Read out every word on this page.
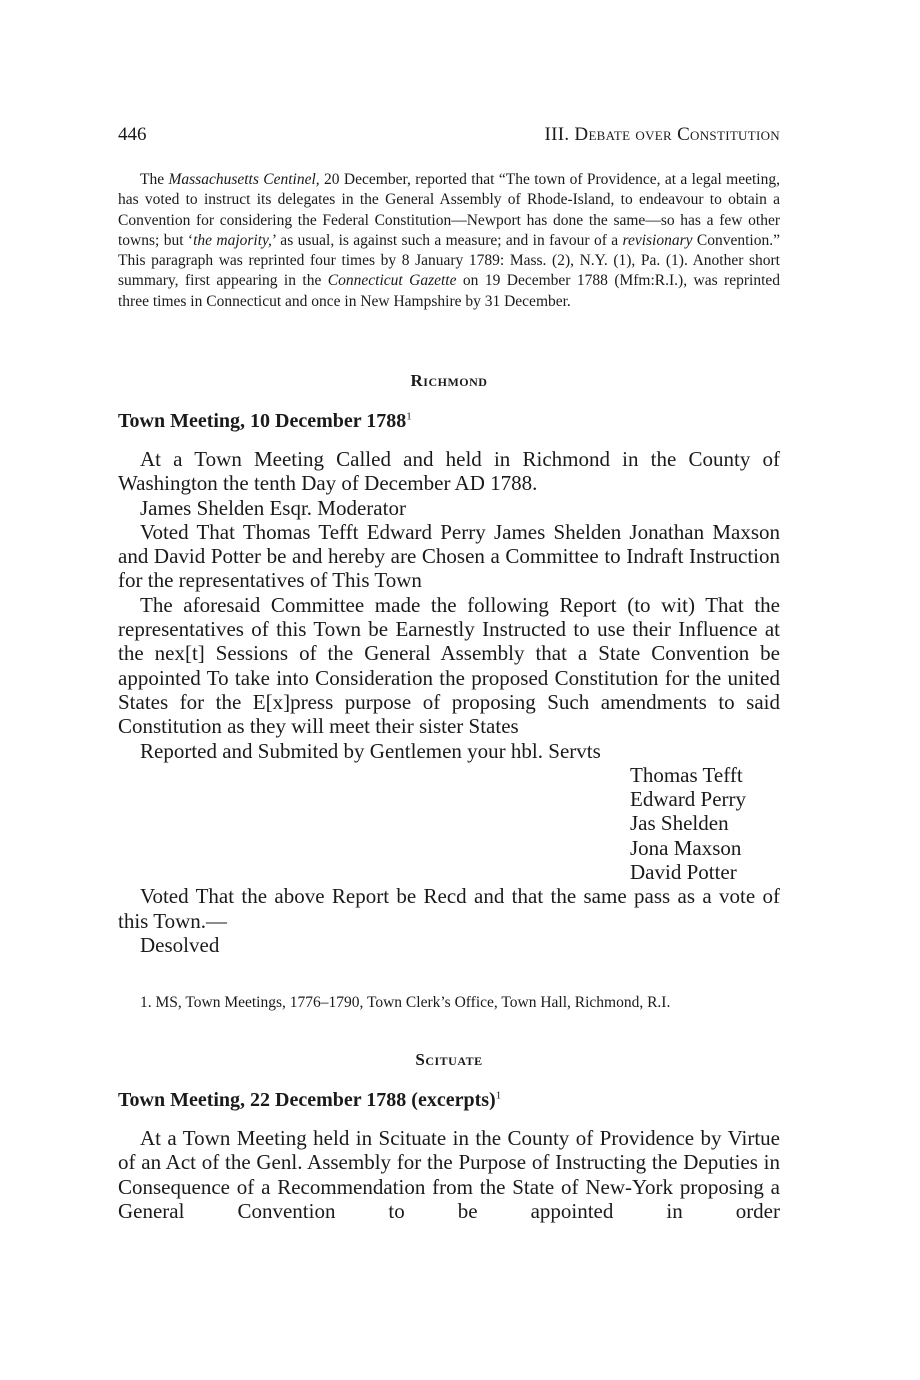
446	III. Debate over Constitution

The Massachusetts Centinel, 20 December, reported that “The town of Providence, at a legal meeting, has voted to instruct its delegates in the General Assembly of Rhode-Island, to endeavour to obtain a Convention for considering the Federal Constitution—Newport has done the same—so has a few other towns; but ‘the majority,’ as usual, is against such a measure; and in favour of a revisionary Convention.” This paragraph was reprinted four times by 8 January 1789: Mass. (2), N.Y. (1), Pa. (1). Another short summary, first appearing in the Connecticut Gazette on 19 December 1788 (Mfm:R.I.), was reprinted three times in Connecticut and once in New Hampshire by 31 December.

Richmond
Town Meeting, 10 December 1788$^1$

At a Town Meeting Called and held in Richmond in the County of Washington the tenth Day of December AD 1788.

James Shelden Esqr. Moderator

Voted That Thomas Tefft Edward Perry James Shelden Jonathan Maxson and David Potter be and hereby are Chosen a Committee to Indraft Instruction for the representatives of This Town

The aforesaid Committee made the following Report (to wit) That the representatives of this Town be Earnestly Instructed to use their Influence at the nex[t] Sessions of the General Assembly that a State Convention be appointed To take into Consideration the proposed Constitution for the united States for the E[x]press purpose of proposing Such amendments to said Constitution as they will meet their sister States

Reported and Submited by Gentlemen your hbl. Servts

Thomas Tefft
Edward Perry
Jas Shelden
Jona Maxson
David Potter

Voted That the above Report be Recd and that the same pass as a vote of this Town.—

Desolved

1. MS, Town Meetings, 1776–1790, Town Clerk’s Office, Town Hall, Richmond, R.I.

Scituate
Town Meeting, 22 December 1788 (excerpts)$^1$

At a Town Meeting held in Scituate in the County of Providence by Virtue of an Act of the Genl. Assembly for the Purpose of Instructing the Deputies in Consequence of a Recommendation from the State of New-York proposing a General Convention to be appointed in order
